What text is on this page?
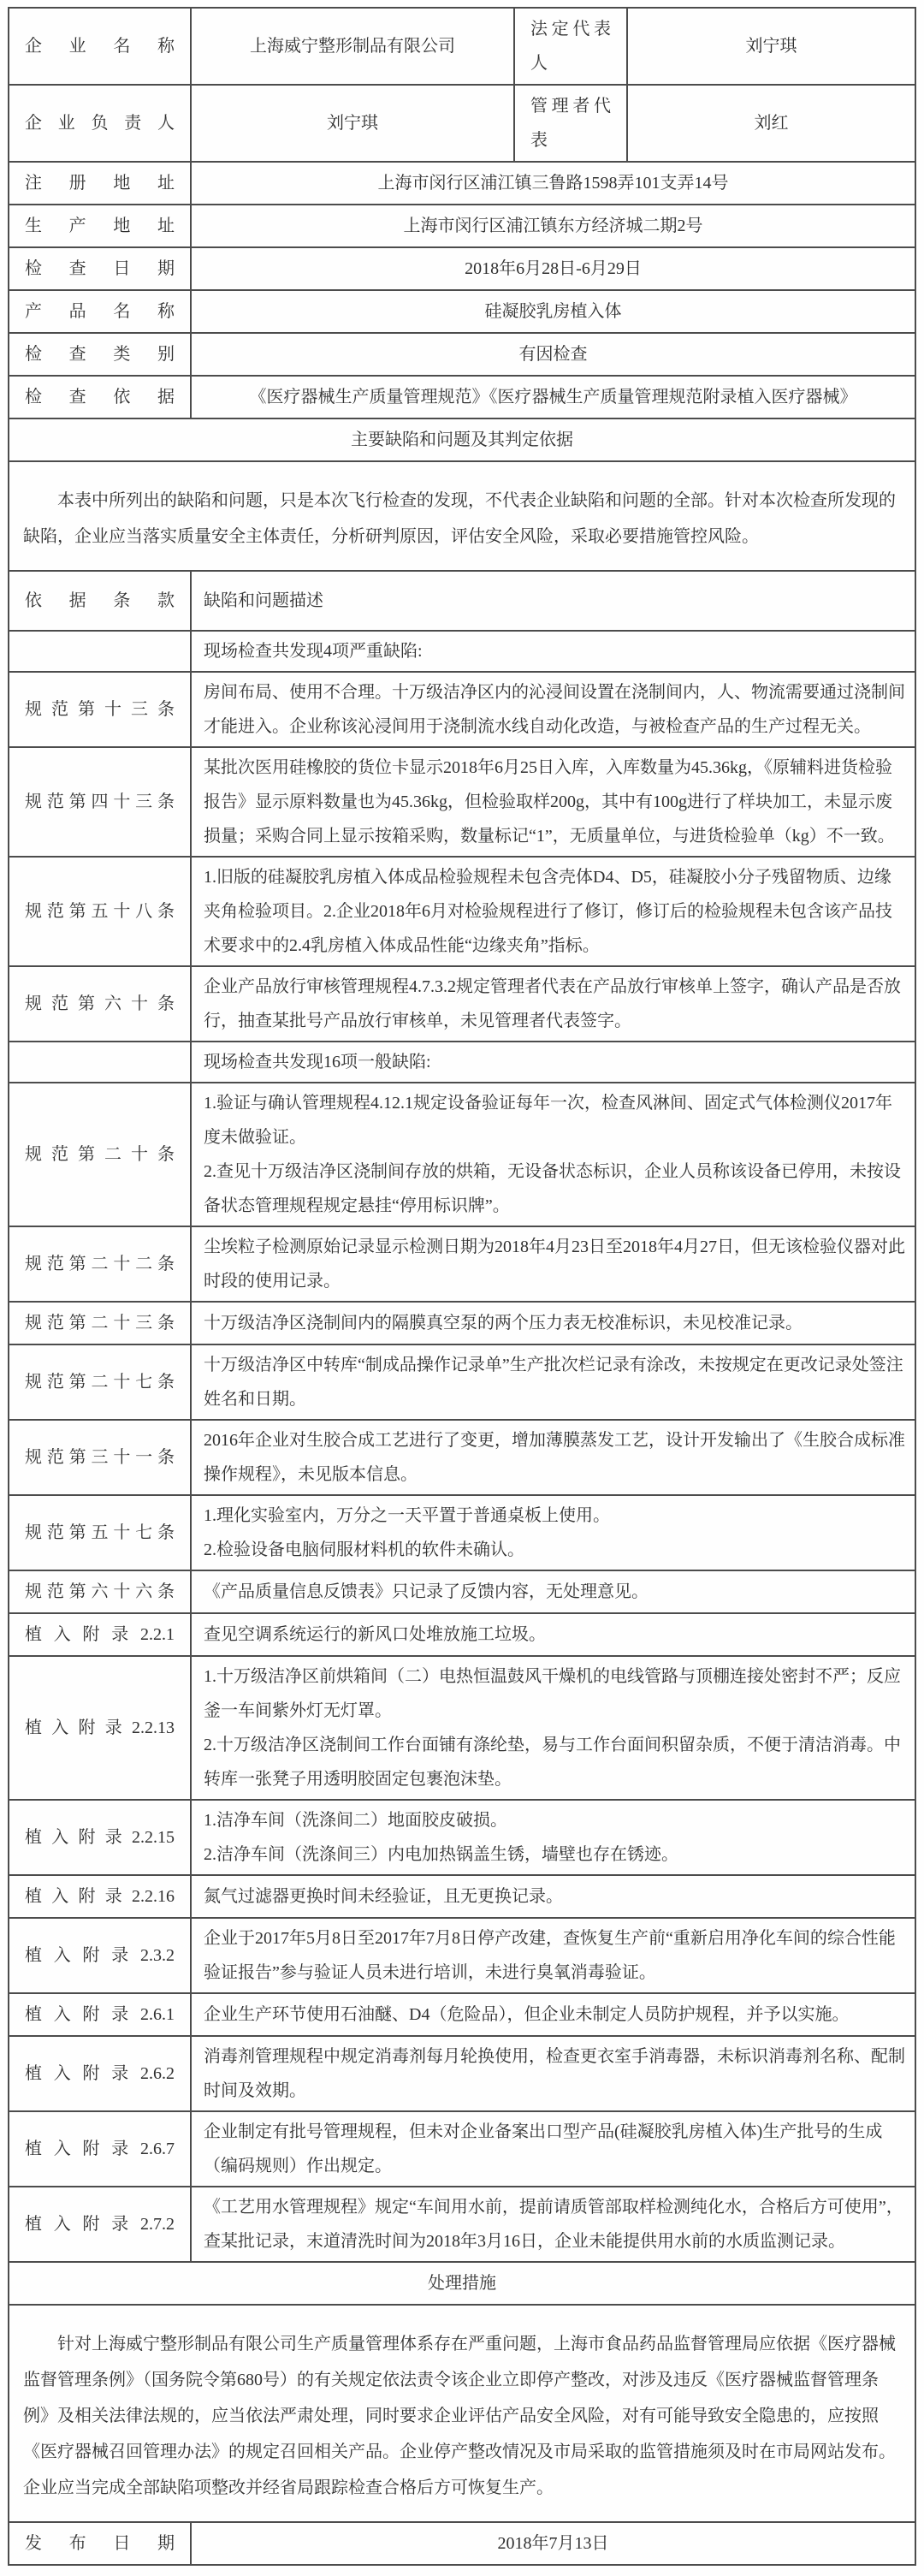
企业名称	上海威宁整形制品有限公司	法定代表人	刘宁琪
企业负责人	刘宁琪	管理者代表	刘红
注册地址	上海市闵行区浦江镇三鲁路1598弄101支弄14号		
生产地址	上海市闵行区浦江镇东方经济城二期2号		
检查日期	2018年6月28日-6月29日		
产品名称	硅凝胶乳房植入体		
检查类别	有因检查		
检查依据	《医疗器械生产质量管理规范》《医疗器械生产质量管理规范附录植入医疗器械》		
主要缺陷和问题及其判定依据			

本表中所列出的缺陷和问题，只是本次飞行检查的发现，不代表企业缺陷和问题的全部。针对本次检查所发现的缺陷，企业应当落实质量安全主体责任，分析研判原因，评估安全风险，采取必要措施管控风险。			

依据条款	缺陷和问题描述		

	现场检查共发现4项严重缺陷:		

规范第十三条	房间布局、使用不合理。十万级洁净区内的沁浸间设置在浇制间内，人、物流需要通过浇制间才能进入。企业称该沁浸间用于浇制流水线自动化改造，与被检查产品的生产过程无关。		

规范第四十三条	某批次医用硅橡胶的货位卡显示2018年6月25日入库，入库数量为45.36kg，《原辅料进货检验报告》显示原料数量也为45.36kg，但检验取样200g，其中有100g进行了样块加工，未显示废损量；采购合同上显示按箱采购，数量标记“1”，无质量单位，与进货检验单（kg）不一致。		

规范第五十八条	1.旧版的硅凝胶乳房植入体成品检验规程未包含壳体D4、D5，硅凝胶小分子残留物质、边缘夹角检验项目。2.企业2018年6月对检验规程进行了修订，修订后的检验规程未包含该产品技术要求中的2.4乳房植入体成品性能“边缘夹角”指标。		

规范第六十条	企业产品放行审核管理规程4.7.3.2规定管理者代表在产品放行审核单上签字，确认产品是否放行，抽查某批号产品放行审核单，未见管理者代表签字。		

	现场检查共发现16项一般缺陷:		

规范第二十条	1.验证与确认管理规程4.12.1规定设备验证每年一次，检查风淋间、固定式气体检测仪2017年度未做验证。

2.查见十万级洁净区浇制间存放的烘箱，无设备状态标识，企业人员称该设备已停用，未按设备状态管理规程规定悬挂“停用标识牌”。		

规范第二十二条	尘埃粒子检测原始记录显示检测日期为2018年4月23日至2018年4月27日，但无该检验仪器对此时段的使用记录。		

规范第二十三条	十万级洁净区浇制间内的隔膜真空泵的两个压力表无校准标识，未见校准记录。		

规范第二十七条	十万级洁净区中转库“制成品操作记录单”生产批次栏记录有涂改，未按规定在更改记录处签注姓名和日期。		

规范第三十一条	2016年企业对生胶合成工艺进行了变更，增加薄膜蒸发工艺，设计开发输出了《生胶合成标准操作规程》，未见版本信息。		

规范第五十七条	1.理化实验室内，万分之一天平置于普通桌板上使用。

2.检验设备电脑伺服材料机的软件未确认。		

规范第六十六条	《产品质量信息反馈表》只记录了反馈内容，无处理意见。		

植入附录2.2.1	查见空调系统运行的新风口处堆放施工垃圾。		

植入附录2.2.13	1.十万级洁净区前烘箱间（二）电热恒温鼓风干燥机的电线管路与顶棚连接处密封不严；反应釜一车间紫外灯无灯罩。

2.十万级洁净区浇制间工作台面铺有涤纶垫，易与工作台面间积留杂质，不便于清洁消毒。中转库一张凳子用透明胶固定包裹泡沫垫。		

植入附录2.2.15	1.洁净车间（洗涤间二）地面胶皮破损。

2.洁净车间（洗涤间三）内电加热锅盖生锈，墙壁也存在锈迹。		

植入附录2.2.16	氮气过滤器更换时间未经验证，且无更换记录。		

植入附录2.3.2	企业于2017年5月8日至2017年7月8日停产改建，查恢复生产前“重新启用净化车间的综合性能验证报告”参与验证人员未进行培训，未进行臭氧消毒验证。		

植入附录2.6.1	企业生产环节使用石油醚、D4（危险品），但企业未制定人员防护规程，并予以实施。		

植入附录2.6.2	消毒剂管理规程中规定消毒剂每月轮换使用，检查更衣室手消毒器，未标识消毒剂名称、配制时间及效期。		

植入附录2.6.7	企业制定有批号管理规程，但未对企业备案出口型产品(硅凝胶乳房植入体)生产批号的生成（编码规则）作出规定。		

植入附录2.7.2	《工艺用水管理规程》规定“车间用水前，提前请质管部取样检测纯化水，合格后方可使用”，查某批记录，末道清洗时间为2018年3月16日，企业未能提供用水前的水质监测记录。		

处理措施			

针对上海威宁整形制品有限公司生产质量管理体系存在严重问题，上海市食品药品监督管理局应依据《医疗器械监督管理条例》（国务院令第680号）的有关规定依法责令该企业立即停产整改，对涉及违反《医疗器械监督管理条例》及相关法律法规的，应当依法严肃处理，同时要求企业评估产品安全风险，对有可能导致安全隐患的，应按照《医疗器械召回管理办法》的规定召回相关产品。企业停产整改情况及市局采取的监管措施须及时在市局网站发布。企业应当完成全部缺陷项整改并经省局跟踪检查合格后方可恢复生产。			

发布日期	2018年7月13日		
